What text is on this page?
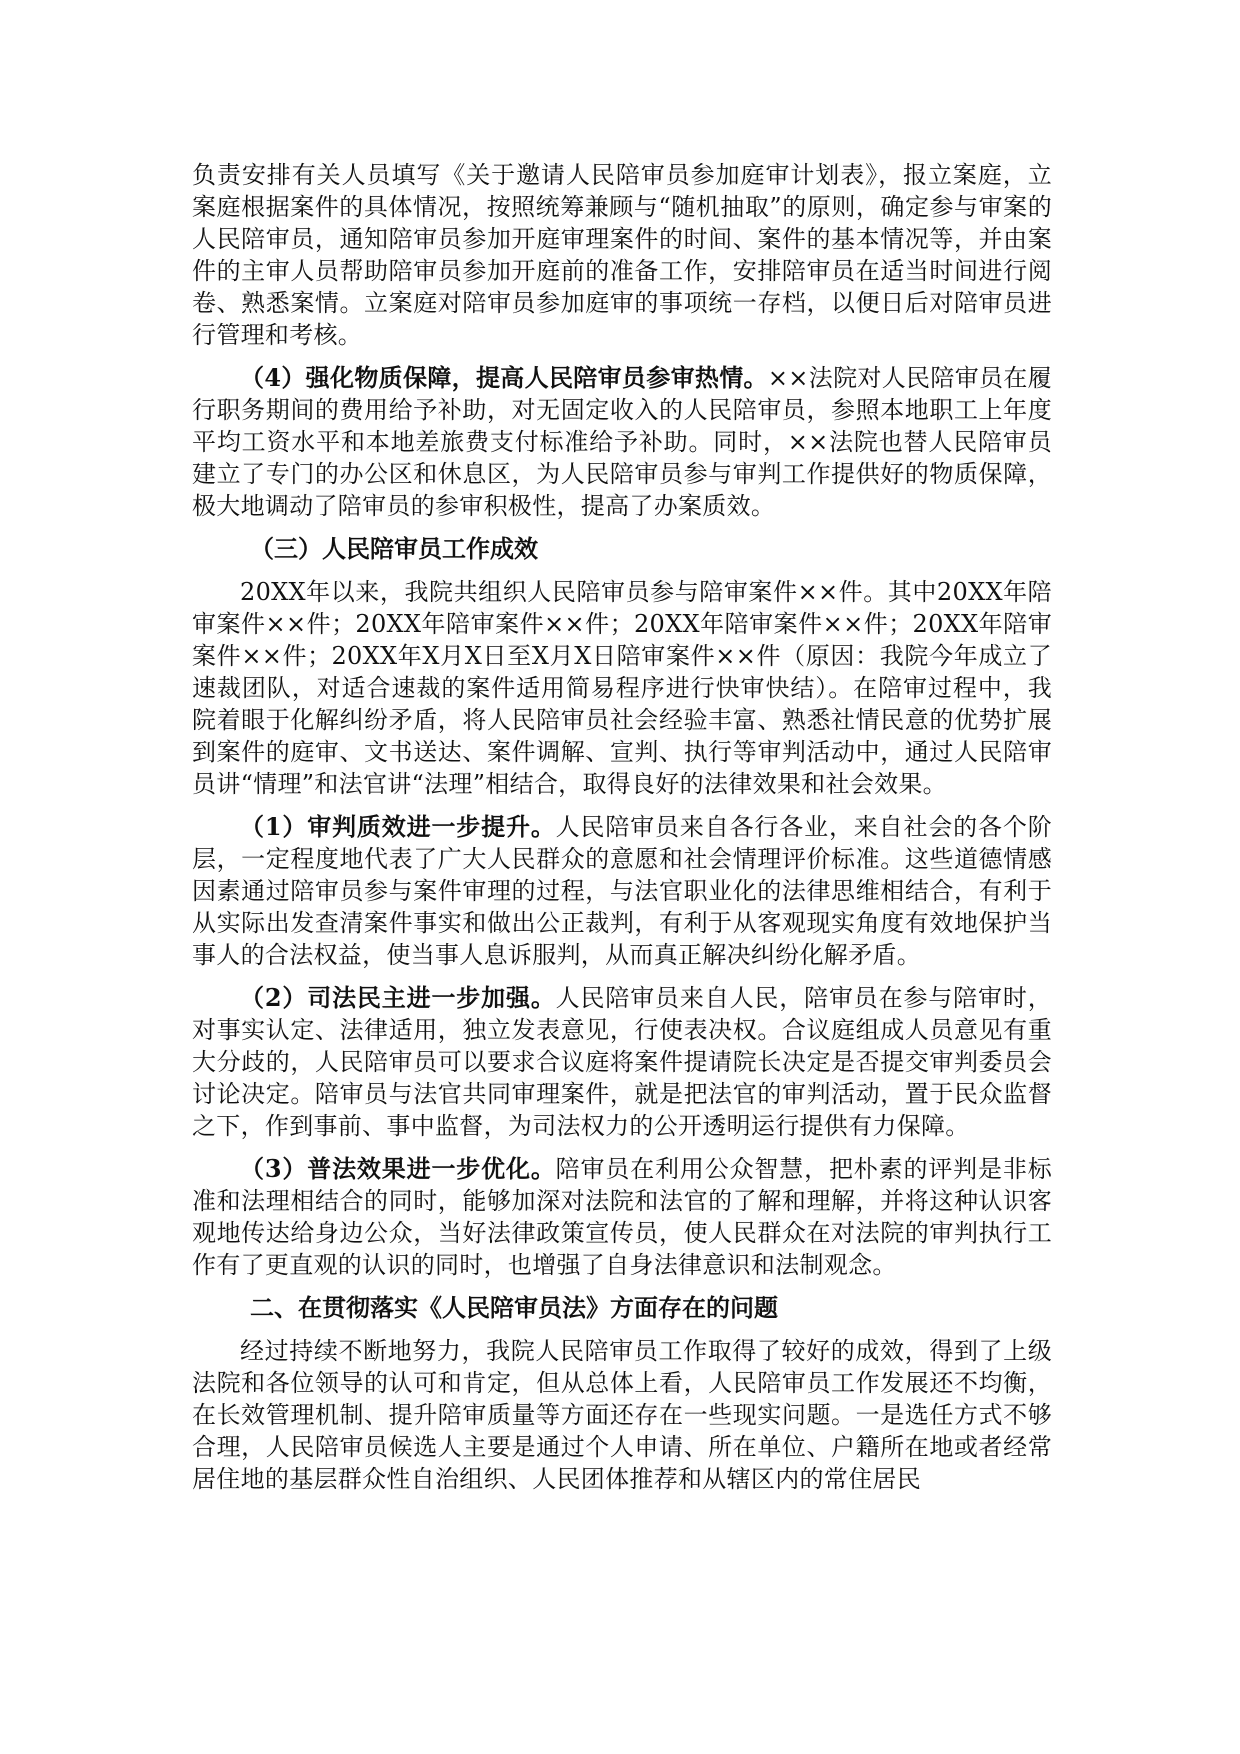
负责安排有关人员填写《关于邀请人民陪审员参加庭审计划表》，报立案庭，立案庭根据案件的具体情况，按照统筹兼顾与“随机抽取”的原则，确定参与审案的人民陪审员，通知陪审员参加开庭审理案件的时间、案件的基本情况等，并由案件的主审人员帮助陪审员参加开庭前的准备工作，安排陪审员在适当时间进行阅卷、熟悉案情。立案庭对陪审员参加庭审的事项统一存档，以便日后对陪审员进行管理和考核。

（4）强化物质保障，提高人民陪审员参审热情。××法院对人民陪审员在履行职务期间的费用给予补助，对无固定收入的人民陪审员，参照本地职工上年度平均工资水平和本地差旅费支付标准给予补助。同时，××法院也替人民陪审员建立了专门的办公区和休息区，为人民陪审员参与审判工作提供好的物质保障，极大地调动了陪审员的参审积极性，提高了办案质效。

（三）人民陪审员工作成效

20XX年以来，我院共组织人民陪审员参与陪审案件××件。其中20XX年陪审案件××件；20XX年陪审案件××件；20XX年陪审案件××件；20XX年陪审案件××件；20XX年X月X日至X月X日陪审案件××件（原因：我院今年成立了速裁团队，对适合速裁的案件适用简易程序进行快审快结）。在陪审过程中，我院着眼于化解纠纷矛盾，将人民陪审员社会经验丰富、熟悉社情民意的优势扩展到案件的庭审、文书送达、案件调解、宣判、执行等审判活动中，通过人民陪审员讲“情理”和法官讲“法理”相结合，取得良好的法律效果和社会效果。

（1）审判质效进一步提升。人民陪审员来自各行各业，来自社会的各个阶层，一定程度地代表了广大人民群众的意愿和社会情理评价标准。这些道德情感因素通过陪审员参与案件审理的过程，与法官职业化的法律思维相结合，有利于从实际出发查清案件事实和做出公正裁判，有利于从客观现实角度有效地保护当事人的合法权益，使当事人息诉服判，从而真正解决纠纷化解矛盾。

（2）司法民主进一步加强。人民陪审员来自人民，陪审员在参与陪审时，对事实认定、法律适用，独立发表意见，行使表决权。合议庭组成人员意见有重大分歧的，人民陪审员可以要求合议庭将案件提请院长决定是否提交审判委员会讨论决定。陪审员与法官共同审理案件，就是把法官的审判活动，置于民众监督之下，作到事前、事中监督，为司法权力的公开透明运行提供有力保障。

（3）普法效果进一步优化。陪审员在利用公众智慧，把朴素的评判是非标准和法理相结合的同时，能够加深对法院和法官的了解和理解，并将这种认识客观地传达给身边公众，当好法律政策宣传员，使人民群众在对法院的审判执行工作有了更直观的认识的同时，也增强了自身法律意识和法制观念。

二、在贯彻落实《人民陪审员法》方面存在的问题

经过持续不断地努力，我院人民陪审员工作取得了较好的成效，得到了上级法院和各位领导的认可和肯定，但从总体上看，人民陪审员工作发展还不均衡，在长效管理机制、提升陪审质量等方面还存在一些现实问题。一是选任方式不够合理，人民陪审员候选人主要是通过个人申请、所在单位、户籍所在地或者经常居住地的基层群众性自治组织、人民团体推荐和从辖区内的常住居民
